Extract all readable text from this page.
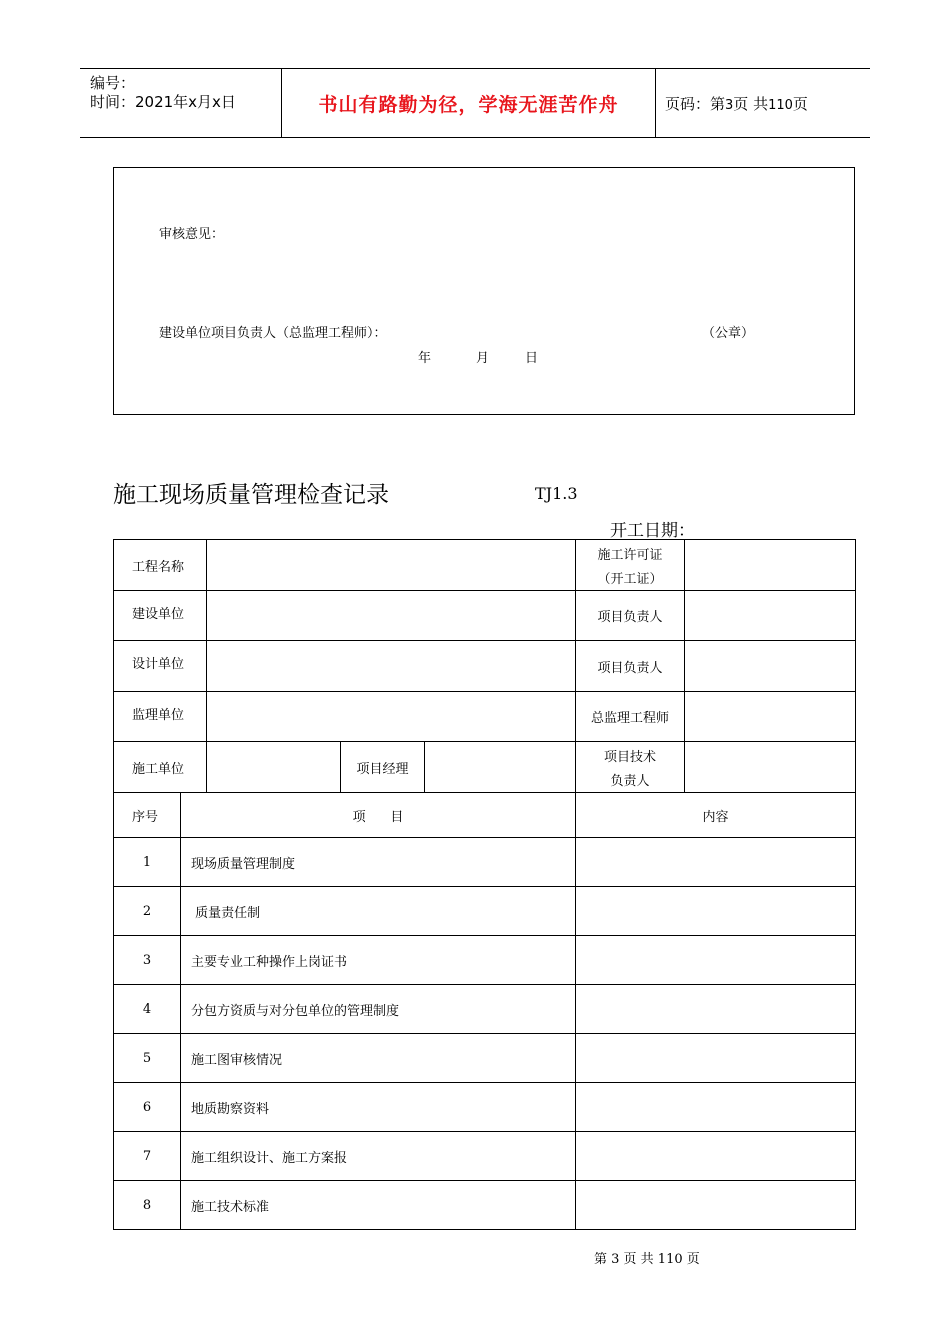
编号：
时间：2021年x月x日	书山有路勤为径，学海无涯苦作舟	页码：第3页 共110页
审核意见：
建设单位项目负责人（总监理工程师）：	（公章）
年	月	日
施工现场质量管理检查记录	TJ1.3
开工日期：
工程名称					施工许可证
（开工证）	

建设单位					项目负责人	
设计单位					项目负责人	
监理单位					总监理工程师	
施工单位			项目经理		项目技术
负责人	

序号	项      目				内容	
1	现场质量管理制度					
2	质量责任制					
3	主要专业工种操作上岗证书					
4	分包方资质与对分包单位的管理制度					
5	施工图审核情况					
6	地质勘察资料					
7	施工组织设计、施工方案报					
8	施工技术标准					
第 3 页 共 110 页
